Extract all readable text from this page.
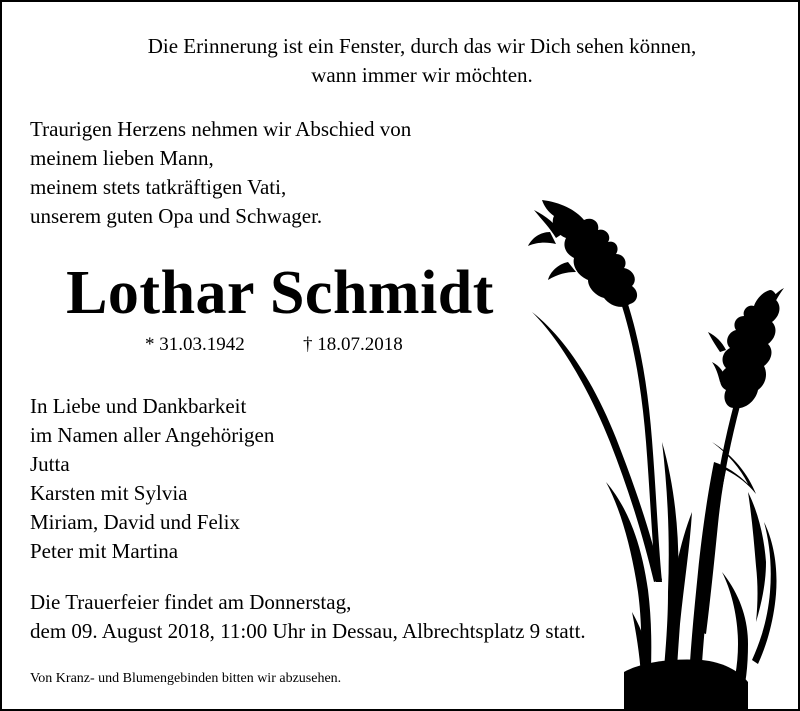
Die Erinnerung ist ein Fenster, durch das wir Dich sehen können,
wann immer wir möchten.
Traurigen Herzens nehmen wir Abschied von
meinem lieben Mann,
meinem stets tatkräftigen Vati,
unserem guten Opa und Schwager.
Lothar Schmidt
* 31.03.1942	† 18.07.2018
In Liebe und Dankbarkeit
im Namen aller Angehörigen
Jutta
Karsten mit Sylvia
Miriam, David und Felix
Peter mit Martina
Die Trauerfeier findet am Donnerstag,
dem 09. August 2018, 11:00 Uhr in Dessau, Albrechtsplatz 9 statt.
Von Kranz- und Blumengebinden bitten wir abzusehen.
